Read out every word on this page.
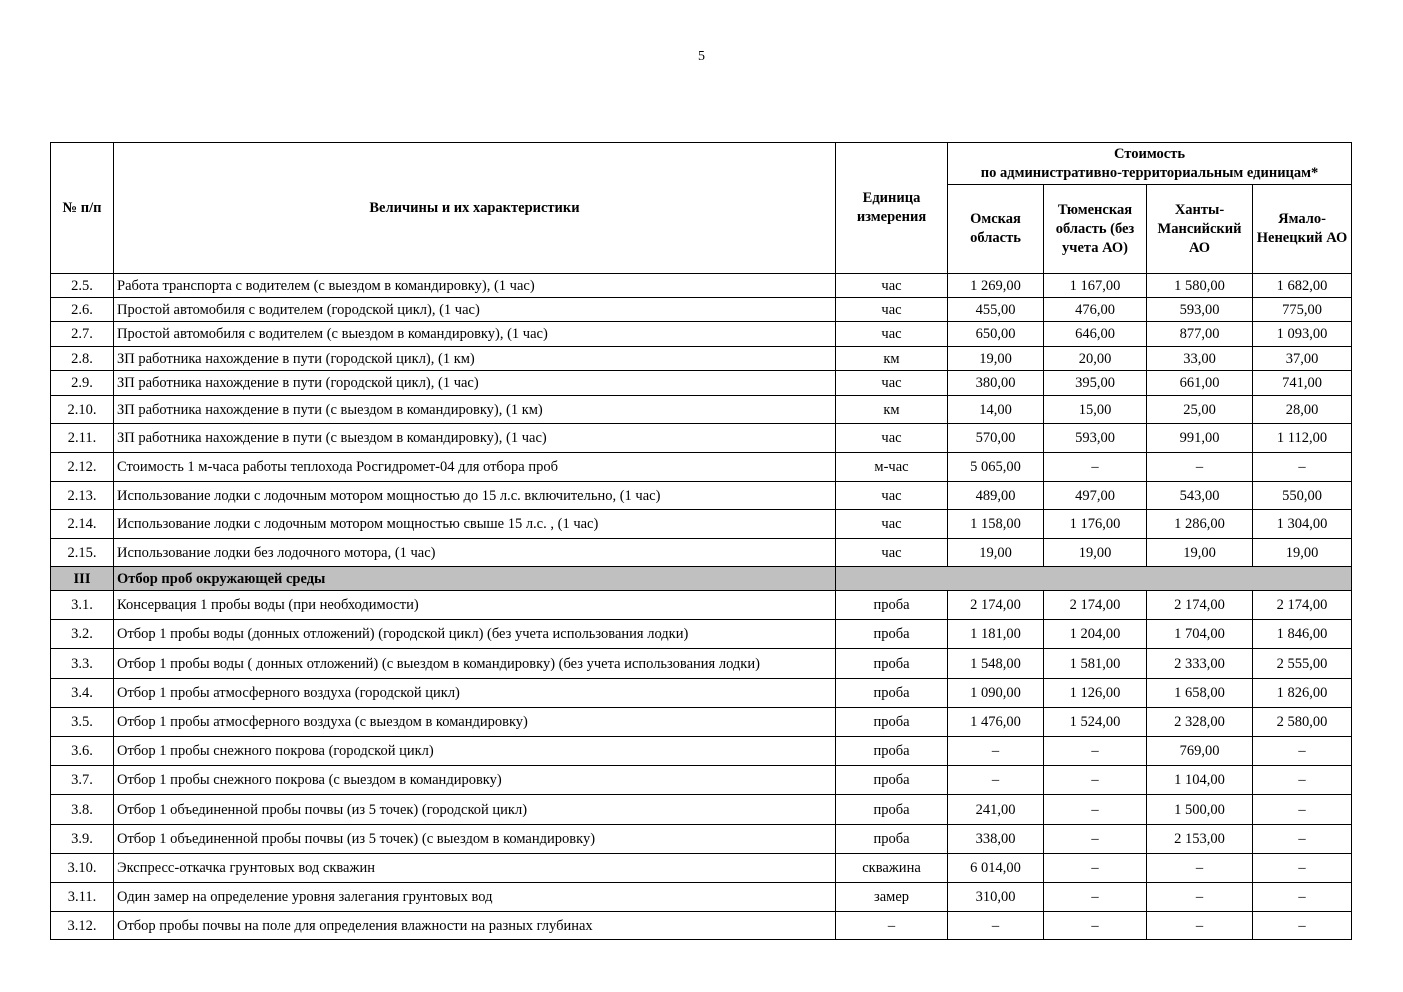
5
№ п/п	Величины и их характеристики	Единица измерения	Стоимость
по административно-территориальным единицам*			

			Омская область	Тюменская область (без учета АО)	Ханты-Мансийский АО	Ямало-Ненецкий АО
2.5.	Работа транспорта с водителем (с выездом в командировку), (1 час)	час	1 269,00	1 167,00	1 580,00	1 682,00
2.6.	Простой автомобиля с водителем (городской цикл), (1 час)	час	455,00	476,00	593,00	775,00
2.7.	Простой автомобиля с водителем (с выездом в командировку), (1 час)	час	650,00	646,00	877,00	1 093,00
2.8.	ЗП работника нахождение в пути (городской цикл), (1 км)	км	19,00	20,00	33,00	37,00
2.9.	ЗП работника нахождение в пути (городской цикл), (1 час)	час	380,00	395,00	661,00	741,00
2.10.	ЗП работника нахождение в пути (с выездом в командировку), (1 км)	км	14,00	15,00	25,00	28,00
2.11.	ЗП работника нахождение в пути (с выездом в командировку), (1 час)	час	570,00	593,00	991,00	1 112,00
2.12.	Стоимость 1 м-часа работы теплохода Росгидромет-04 для отбора проб	м-час	5 065,00	–	–	–
2.13.	Использование лодки с лодочным мотором мощностью до 15 л.с. включительно, (1 час)	час	489,00	497,00	543,00	550,00
2.14.	Использование лодки с лодочным мотором мощностью свыше 15 л.с. , (1 час)	час	1 158,00	1 176,00	1 286,00	1 304,00
2.15.	Использование лодки без лодочного мотора, (1 час)	час	19,00	19,00	19,00	19,00
III	Отбор проб окружающей среды					
3.1.	Консервация 1 пробы воды (при необходимости)	проба	2 174,00	2 174,00	2 174,00	2 174,00
3.2.	Отбор 1 пробы воды (донных отложений) (городской цикл) (без учета использования лодки)	проба	1 181,00	1 204,00	1 704,00	1 846,00
3.3.	Отбор 1 пробы воды ( донных отложений) (с выездом в командировку) (без учета использования лодки)	проба	1 548,00	1 581,00	2 333,00	2 555,00
3.4.	Отбор 1 пробы атмосферного воздуха (городской цикл)	проба	1 090,00	1 126,00	1 658,00	1 826,00
3.5.	Отбор 1 пробы атмосферного воздуха (с выездом в командировку)	проба	1 476,00	1 524,00	2 328,00	2 580,00
3.6.	Отбор 1 пробы снежного покрова (городской цикл)	проба	–	–	769,00	–
3.7.	Отбор 1 пробы снежного покрова (с выездом в командировку)	проба	–	–	1 104,00	–
3.8.	Отбор 1 объединенной пробы почвы (из 5 точек) (городской цикл)	проба	241,00	–	1 500,00	–
3.9.	Отбор 1 объединенной пробы почвы (из 5 точек) (с выездом в командировку)	проба	338,00	–	2 153,00	–
3.10.	Экспресс-откачка грунтовых вод скважин	скважина	6 014,00	–	–	–
3.11.	Один замер на определение уровня залегания грунтовых вод	замер	310,00	–	–	–
3.12.	Отбор пробы почвы на поле для определения влажности на разных глубинах	–	–	–	–	–
